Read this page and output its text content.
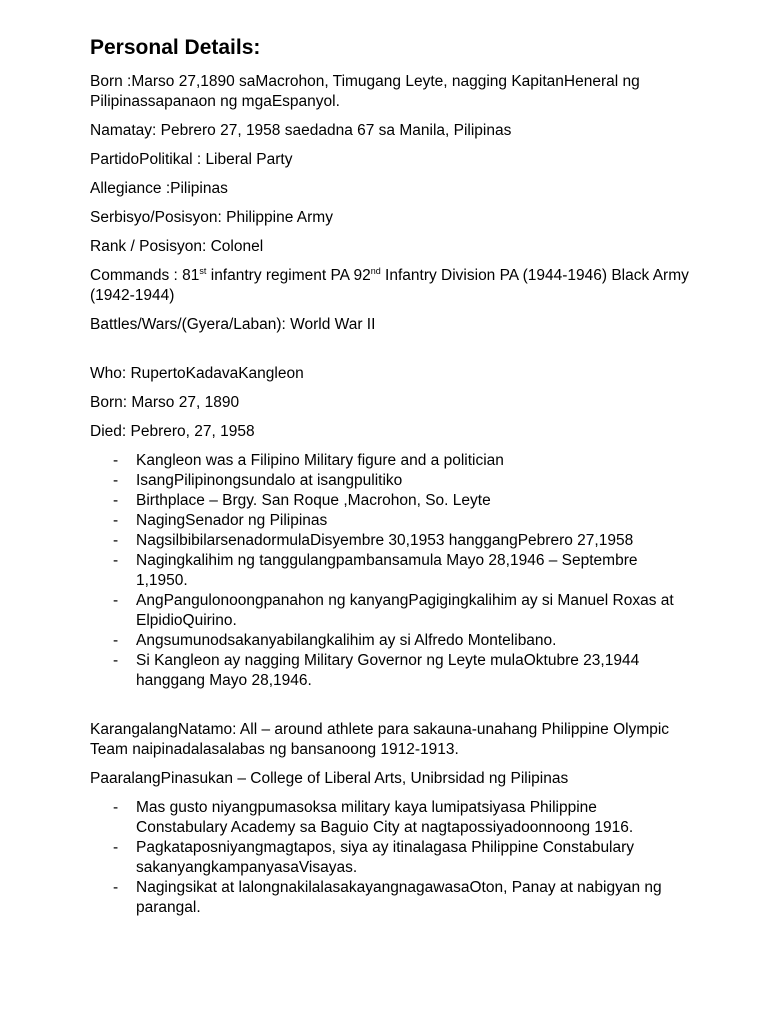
Personal Details:

Born :Marso 27,1890 saMacrohon, Timugang Leyte, nagging KapitanHeneral ng Pilipinassapanaon ng mgaEspanyol.

Namatay: Pebrero 27, 1958 saedadna 67 sa Manila, Pilipinas

PartidoPolitikal : Liberal Party

Allegiance :Pilipinas

Serbisyo/Posisyon: Philippine Army

Rank / Posisyon: Colonel

Commands : 81st infantry regiment PA 92nd Infantry Division PA (1944-1946) Black Army (1942-1944)

Battles/Wars/(Gyera/Laban): World War II

Who: RupertoKadavaKangleon

Born: Marso 27, 1890

Died: Pebrero, 27, 1958

- Kangleon was a Filipino Military figure and a politician
- IsangPilipinongsundalo at isangpulitiko
- Birthplace – Brgy. San Roque ,Macrohon, So. Leyte
- NagingSenador ng Pilipinas
- NagsilbibilarsenadormulaDisyembre 30,1953 hanggangPebrero 27,1958
- Nagingkalihim ng tanggulangpambansamula Mayo 28,1946 – Septembre 1,1950.
- AngPangulonoongpanahon ng kanyangPagigingkalihim ay si Manuel Roxas at ElpidioQuirino.
- Angsumunodsakanyabilangkalihim ay si Alfredo Montelibano.
- Si Kangleon ay nagging Military Governor ng Leyte mulaOktubre 23,1944 hanggang Mayo 28,1946.

KarangalangNatamo: All – around athlete para sakauna-unahang Philippine Olympic Team naipinadalasalabas ng bansanoong 1912-1913.

PaaralangPinasukan – College of Liberal Arts, Unibrsidad ng Pilipinas

- Mas gusto niyangpumasoksa military kaya lumipatsiyasa Philippine Constabulary Academy sa Baguio City at nagtapossiyadoonnoong 1916.
- Pagkataposniyangmagtapos, siya ay itinalagasa Philippine Constabulary sakanyangkampanyasaVisayas.
- Nagingsikat at lalongnakilalasakayangnagawasaOton, Panay at nabigyan ng parangal.
